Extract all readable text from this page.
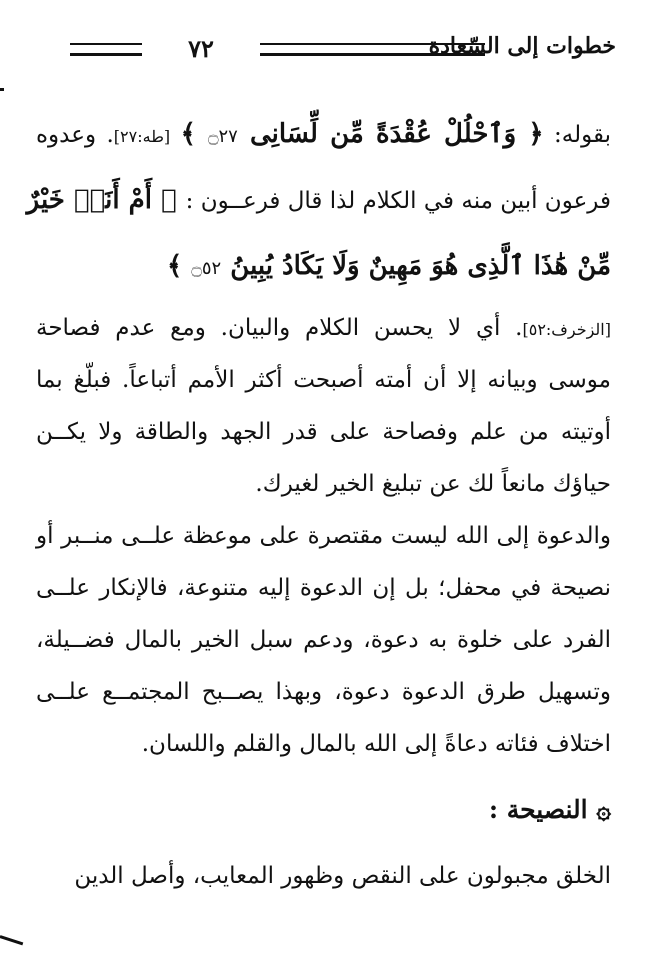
٧٢	خطوات إلى السّعادة
بقوله: ﴿ وَٱحْلُلْ عُقْدَةً مِّن لِّسَانِى ۝٢٧ ﴾ [طه:٢٧]. وعدوه
فرعون أبين منه في الكلام لذا قال فرعــون : ﴿ أَمْ أَنَا۠ خَيْرٌ
مِّنْ هَٰذَا ٱلَّذِى هُوَ مَهِينٌ وَلَا يَكَادُ يُبِينُ ۝٥٢ ﴾
[الزخرف:٥٢]. أي لا يحسن الكلام والبيان. ومع عدم فصاحة
موسى وبيانه إلا أن أمته أصبحت أكثر الأمم أتباعاً. فبلّغ بما
أوتيته من علم وفصاحة على قدر الجهد والطاقة ولا يكــن
حياؤك مانعاً لك عن تبليغ الخير لغيرك.
والدعوة إلى الله ليست مقتصرة على موعظة علــى منــبر أو
نصيحة في محفل؛ بل إن الدعوة إليه متنوعة، فالإنكار علــى
الفرد على خلوة به دعوة، ودعم سبل الخير بالمال فضــيلة،
وتسهيل طرق الدعوة دعوة، وبهذا يصــبح المجتمــع علــى
اختلاف فئاته دعاةً إلى الله بالمال والقلم واللسان.
۞ النصيحة :
الخلق مجبولون على النقص وظهور المعايب، وأصل الدين
